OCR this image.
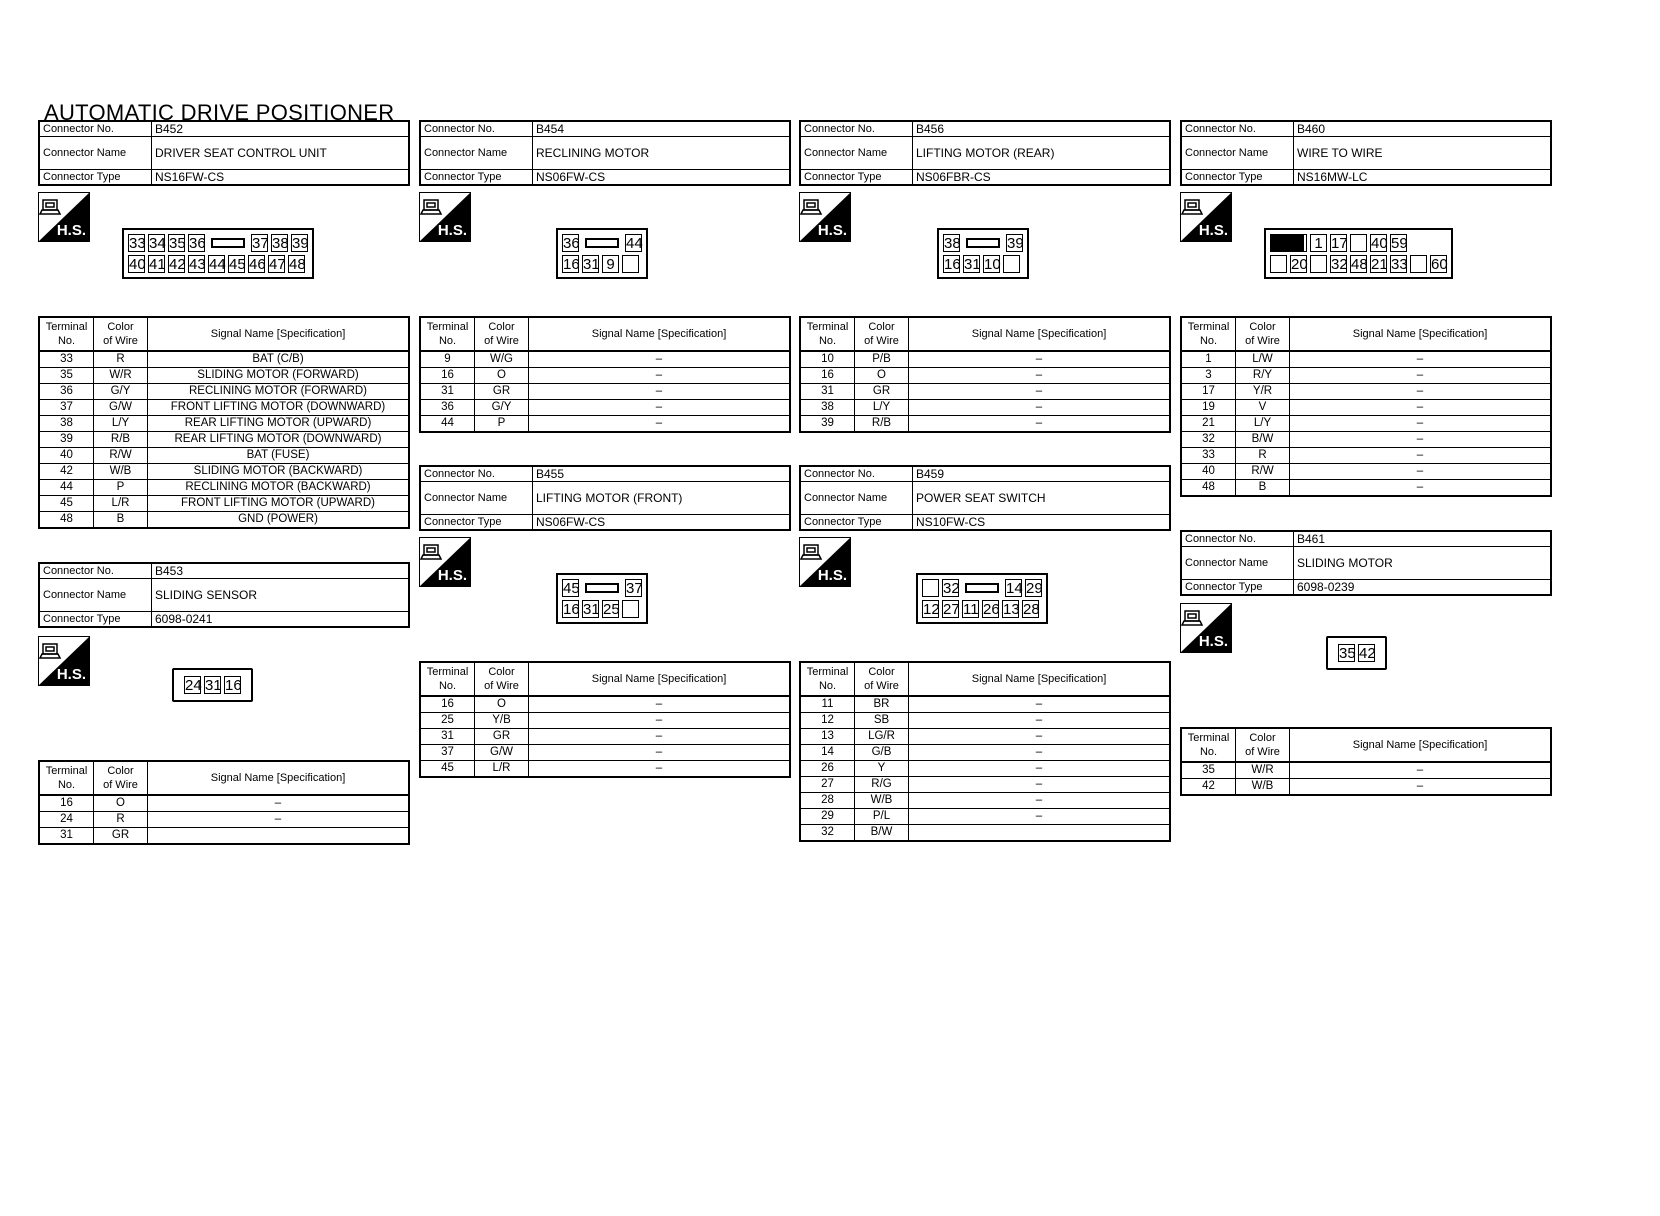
AUTOMATIC DRIVE POSITIONER
Connector No.	B452
Connector Name	DRIVER SEAT CONTROL UNIT
Connector Type	NS16FW-CS
H.S.
33 34 35 36	37 38 39
40 41 42 43 44 45 46 47 48
Terminal
No.	Color
of Wire	Signal Name [Specification]
33	R	BAT (C/B)
35	W/R	SLIDING MOTOR (FORWARD)
36	G/Y	RECLINING MOTOR (FORWARD)
37	G/W	FRONT LIFTING MOTOR (DOWNWARD)
38	L/Y	REAR LIFTING MOTOR (UPWARD)
39	R/B	REAR LIFTING MOTOR (DOWNWARD)
40	R/W	BAT (FUSE)
42	W/B	SLIDING MOTOR (BACKWARD)
44	P	RECLINING MOTOR (BACKWARD)
45	L/R	FRONT LIFTING MOTOR (UPWARD)
48	B	GND (POWER)
Connector No.	B453
Connector Name	SLIDING SENSOR
Connector Type	6098-0241
H.S.
24 31 16
Terminal
No.	Color
of Wire	Signal Name [Specification]
16	O	–
24	R	–
31	GR	
Connector No.	B454
Connector Name	RECLINING MOTOR
Connector Type	NS06FW-CS
H.S.
36	44
16 31 9
Terminal
No.	Color
of Wire	Signal Name [Specification]
9	W/G	–
16	O	–
31	GR	–
36	G/Y	–
44	P	–
Connector No.	B455
Connector Name	LIFTING MOTOR (FRONT)
Connector Type	NS06FW-CS
H.S.
45	37
16 31 25
Terminal
No.	Color
of Wire	Signal Name [Specification]
16	O	–
25	Y/B	–
31	GR	–
37	G/W	–
45	L/R	–
Connector No.	B456
Connector Name	LIFTING MOTOR (REAR)
Connector Type	NS06FBR-CS
H.S.
38	39
16 31 10
Terminal
No.	Color
of Wire	Signal Name [Specification]
10	P/B	–
16	O	–
31	GR	–
38	L/Y	–
39	R/B	–
Connector No.	B459
Connector Name	POWER SEAT SWITCH
Connector Type	NS10FW-CS
H.S.
32	14 29
12 27 11 26 13 28
Terminal
No.	Color
of Wire	Signal Name [Specification]
11	BR	–
12	SB	–
13	LG/R	–
14	G/B	–
26	Y	–
27	R/G	–
28	W/B	–
29	P/L	–
32	B/W	
Connector No.	B460
Connector Name	WIRE TO WIRE
Connector Type	NS16MW-LC
H.S.
1 17 40 59
20 32 48 21 33 60
Terminal
No.	Color
of Wire	Signal Name [Specification]
1	L/W	–
3	R/Y	–
17	Y/R	–
19	V	–
21	L/Y	–
32	B/W	–
33	R	–
40	R/W	–
48	B	–
Connector No.	B461
Connector Name	SLIDING MOTOR
Connector Type	6098-0239
H.S.
35 42
Terminal
No.	Color
of Wire	Signal Name [Specification]
35	W/R	–
42	W/B	–
